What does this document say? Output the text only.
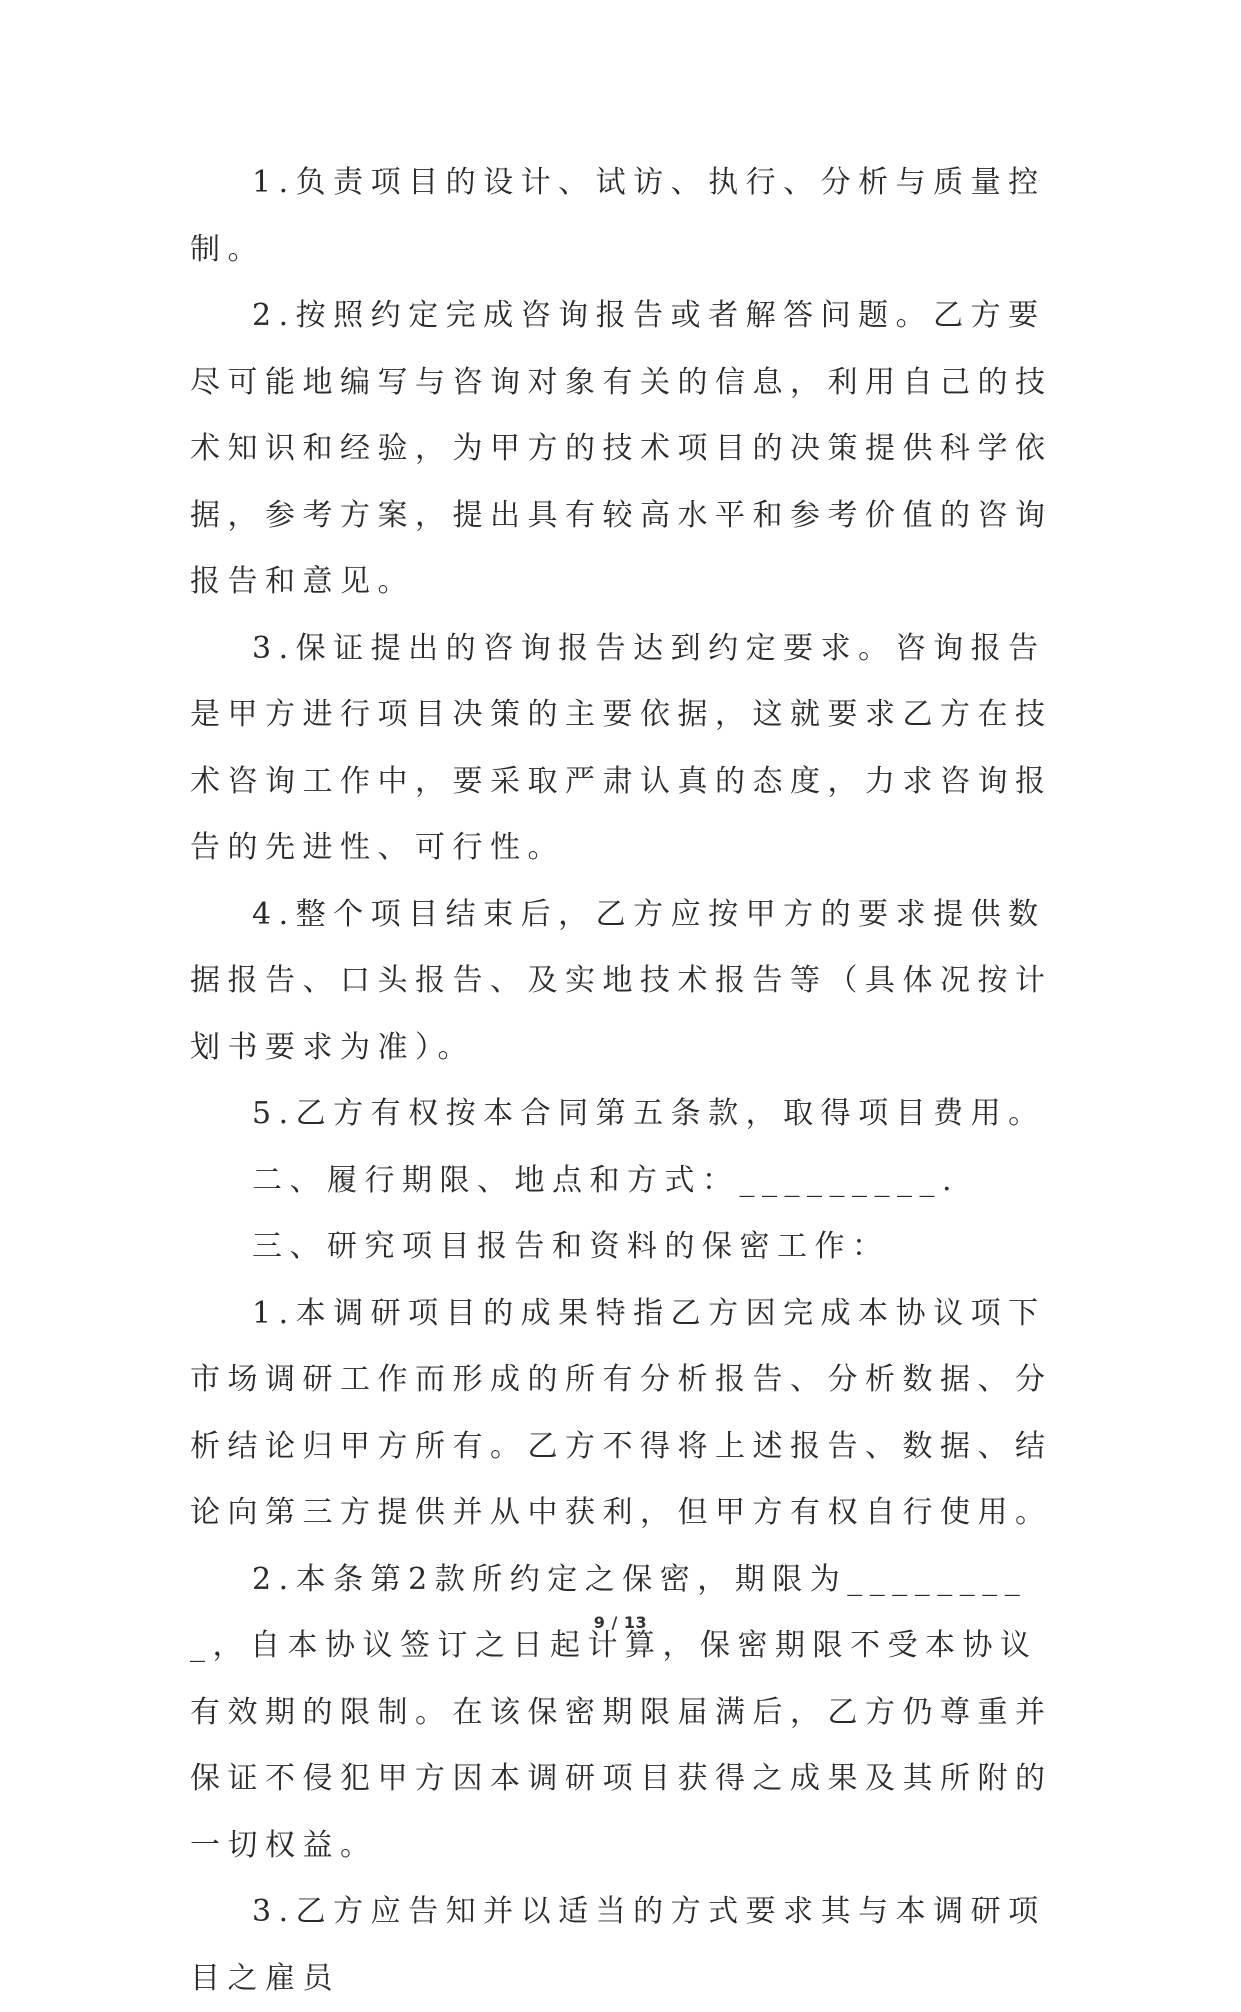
1.负责项目的设计、试访、执行、分析与质量控制。

2.按照约定完成咨询报告或者解答问题。乙方要尽可能地编写与咨询对象有关的信息，利用自己的技术知识和经验，为甲方的技术项目的决策提供科学依据，参考方案，提出具有较高水平和参考价值的咨询报告和意见。

3.保证提出的咨询报告达到约定要求。咨询报告是甲方进行项目决策的主要依据，这就要求乙方在技术咨询工作中，要采取严肃认真的态度，力求咨询报告的先进性、可行性。

4.整个项目结束后，乙方应按甲方的要求提供数据报告、口头报告、及实地技术报告等（具体况按计划书要求为准）。

5.乙方有权按本合同第五条款，取得项目费用。

二、履行期限、地点和方式：_________.

三、研究项目报告和资料的保密工作：

1.本调研项目的成果特指乙方因完成本协议项下市场调研工作而形成的所有分析报告、分析数据、分析结论归甲方所有。乙方不得将上述报告、数据、结论向第三方提供并从中获利，但甲方有权自行使用。

2.本条第2款所约定之保密，期限为_________，自本协议签订之日起计算，保密期限不受本协议有效期的限制。在该保密期限届满后，乙方仍尊重并保证不侵犯甲方因本调研项目获得之成果及其所附的一切权益。

3.乙方应告知并以适当的方式要求其与本调研项目之雇员

9 / 13
